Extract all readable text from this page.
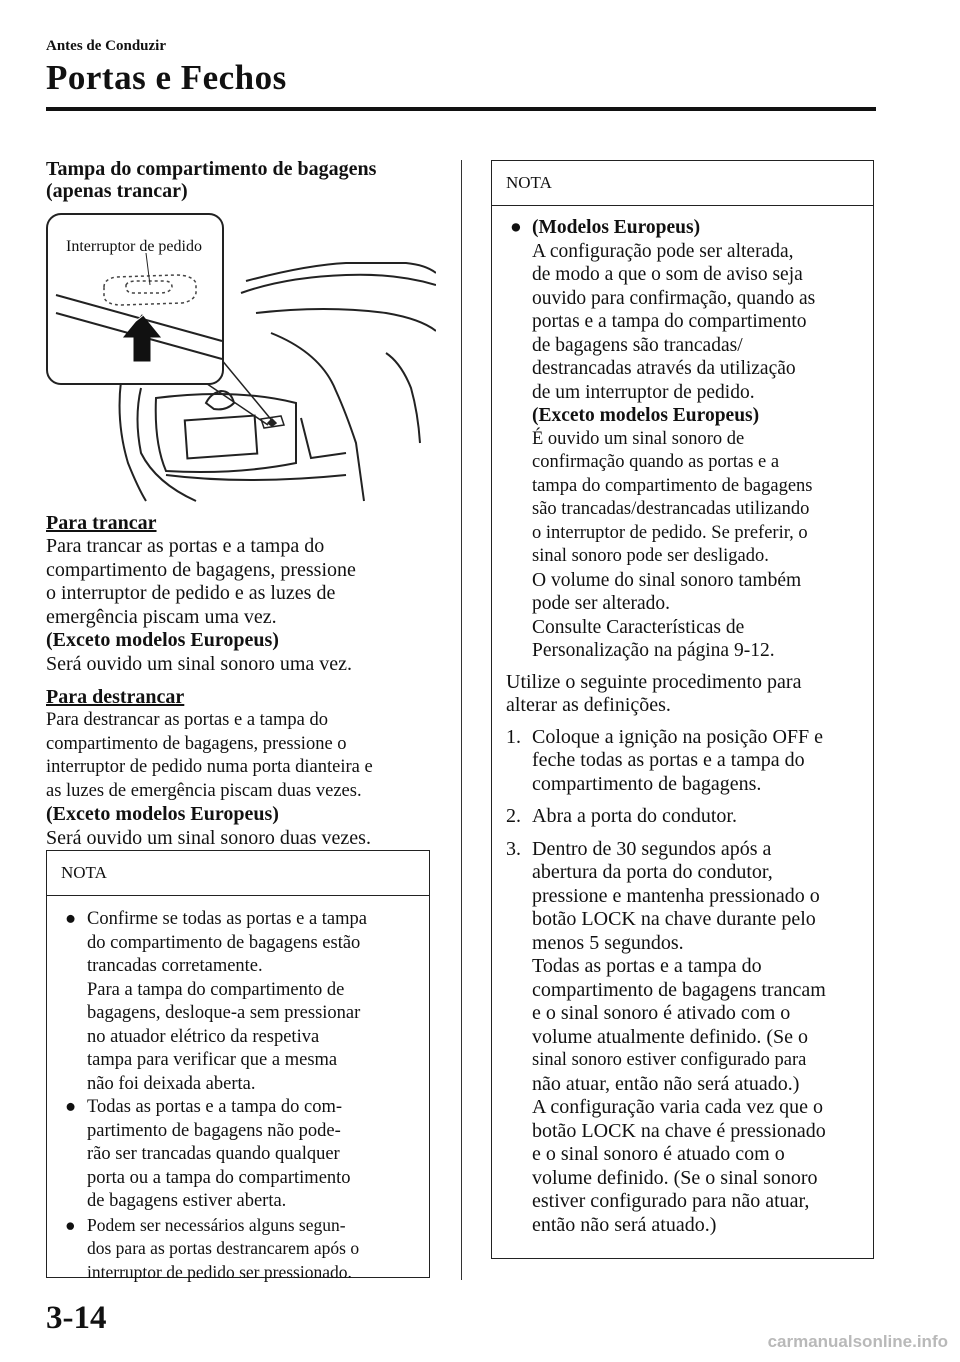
Antes de Conduzir
Portas e Fechos

Tampa do compartimento de bagagens

(apenas trancar)

Interruptor de pedido

Para trancar

Para trancar as portas e a tampa do

compartimento de bagagens, pressione

o interruptor de pedido e as luzes de

emergência piscam uma vez.

(Exceto modelos Europeus)

Será ouvido um sinal sonoro uma vez.

Para destrancar

Para destrancar as portas e a tampa do

compartimento de bagagens, pressione o

interruptor de pedido numa porta dianteira e

as luzes de emergência piscam duas vezes.

(Exceto modelos Europeus)

Será ouvido um sinal sonoro duas vezes.

NOTA
● Confirme se todas as portas e a tampa
do compartimento de bagagens estão
trancadas corretamente.
Para a tampa do compartimento de
bagagens, desloque-a sem pressionar
no atuador elétrico da respetiva
tampa para verificar que a mesma
não foi deixada aberta.
● Todas as portas e a tampa do com-
partimento de bagagens não pode-
rão ser trancadas quando qualquer
porta ou a tampa do compartimento
de bagagens estiver aberta.
● Podem ser necessários alguns segun-
dos para as portas destrancarem após o
interruptor de pedido ser pressionado.
NOTA
● (Modelos Europeus)
A configuração pode ser alterada,
de modo a que o som de aviso seja
ouvido para confirmação, quando as
portas e a tampa do compartimento
de bagagens são trancadas/
destrancadas através da utilização
de um interruptor de pedido.
(Exceto modelos Europeus)
É ouvido um sinal sonoro de
confirmação quando as portas e a
tampa do compartimento de bagagens
são trancadas/destrancadas utilizando
o interruptor de pedido. Se preferir, o
sinal sonoro pode ser desligado.
O volume do sinal sonoro também
pode ser alterado.
Consulte Características de
Personalização na página 9-12.

Utilize o seguinte procedimento para
alterar as definições.

1. Coloque a ignição na posição OFF e
feche todas as portas e a tampa do
compartimento de bagagens.
2. Abra a porta do condutor.
3. Dentro de 30 segundos após a
abertura da porta do condutor,
pressione e mantenha pressionado o
botão LOCK na chave durante pelo
menos 5 segundos.
Todas as portas e a tampa do
compartimento de bagagens trancam
e o sinal sonoro é ativado com o
volume atualmente definido. (Se o
sinal sonoro estiver configurado para
não atuar, então não será atuado.)
A configuração varia cada vez que o
botão LOCK na chave é pressionado
e o sinal sonoro é atuado com o
volume definido. (Se o sinal sonoro
estiver configurado para não atuar,
então não será atuado.)
3-14
carmanualsonline.info
